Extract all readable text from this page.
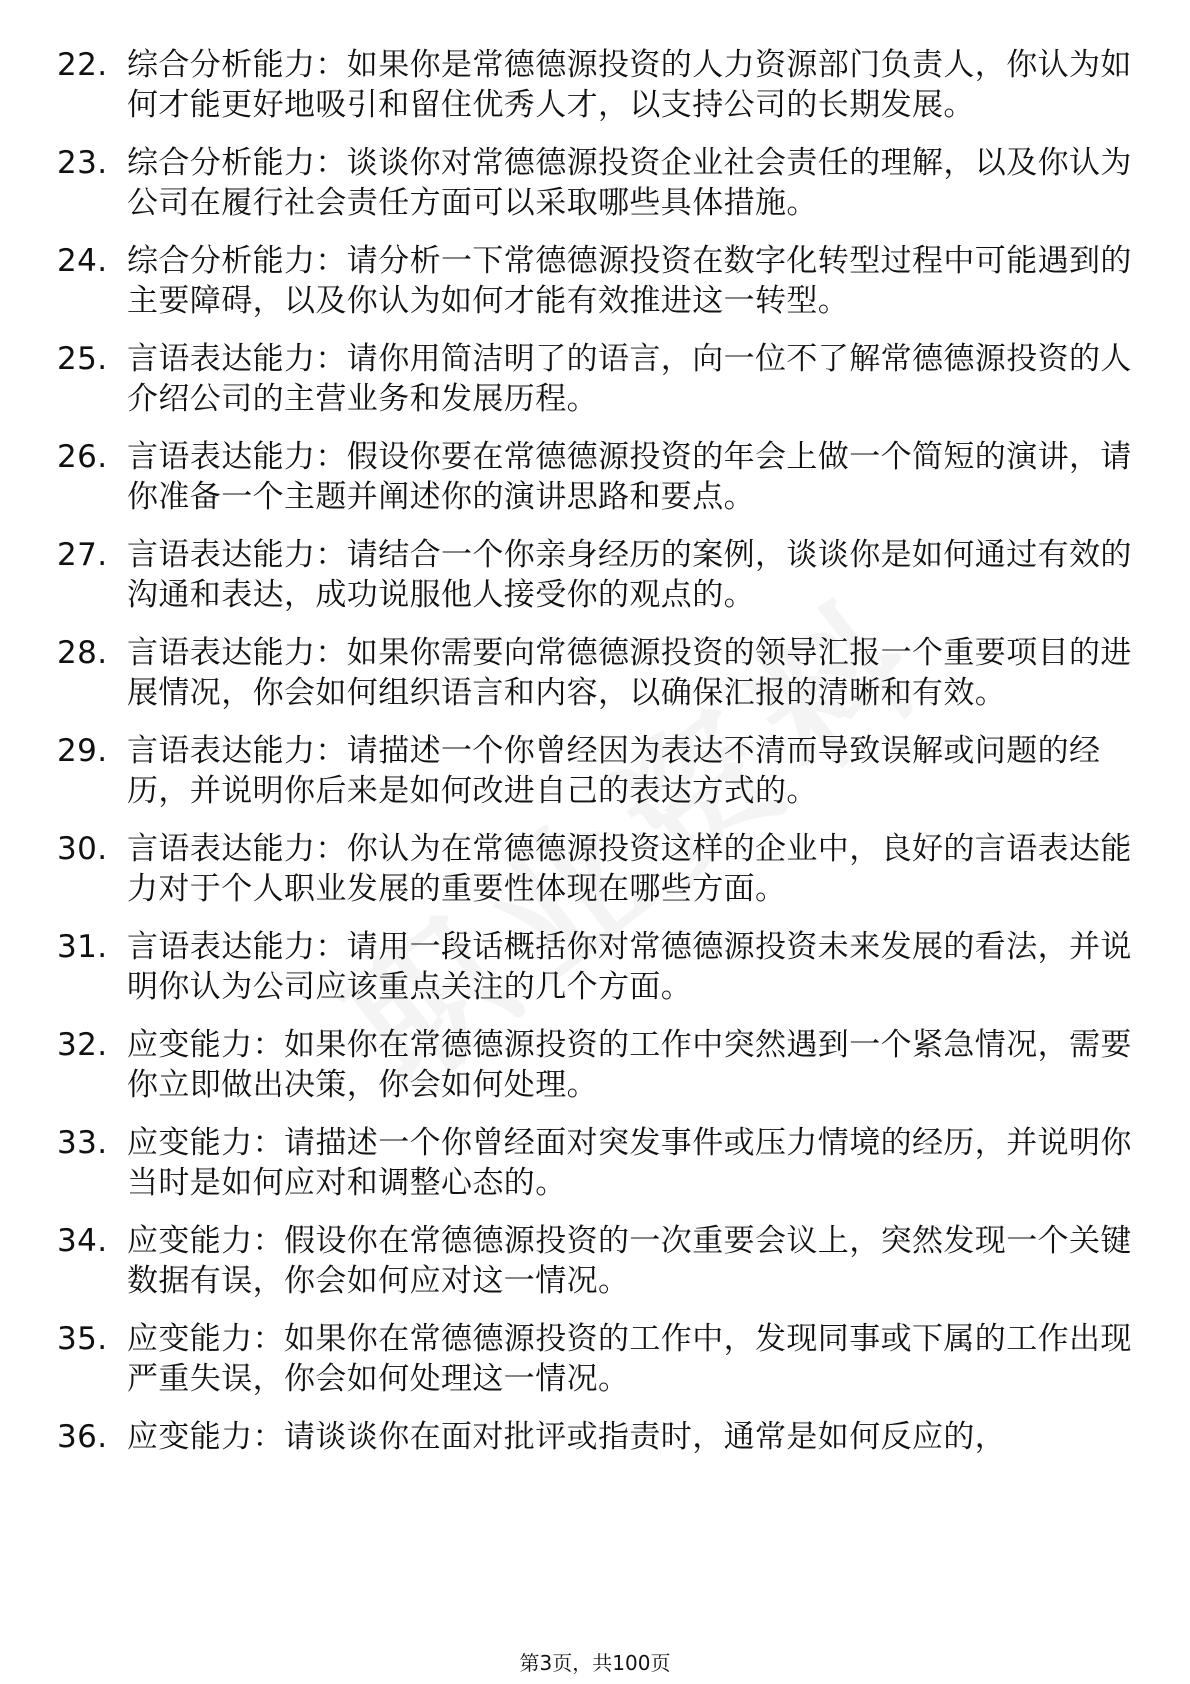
22. 综合分析能力：如果你是常德德源投资的人力资源部门负责人，你认为如何才能更好地吸引和留住优秀人才，以支持公司的长期发展。
23. 综合分析能力：谈谈你对常德德源投资企业社会责任的理解，以及你认为公司在履行社会责任方面可以采取哪些具体措施。
24. 综合分析能力：请分析一下常德德源投资在数字化转型过程中可能遇到的主要障碍，以及你认为如何才能有效推进这一转型。
25. 言语表达能力：请你用简洁明了的语言，向一位不了解常德德源投资的人介绍公司的主营业务和发展历程。
26. 言语表达能力：假设你要在常德德源投资的年会上做一个简短的演讲，请你准备一个主题并阐述你的演讲思路和要点。
27. 言语表达能力：请结合一个你亲身经历的案例，谈谈你是如何通过有效的沟通和表达，成功说服他人接受你的观点的。
28. 言语表达能力：如果你需要向常德德源投资的领导汇报一个重要项目的进展情况，你会如何组织语言和内容，以确保汇报的清晰和有效。
29. 言语表达能力：请描述一个你曾经因为表达不清而导致误解或问题的经历，并说明你后来是如何改进自己的表达方式的。
30. 言语表达能力：你认为在常德德源投资这样的企业中，良好的言语表达能力对于个人职业发展的重要性体现在哪些方面。
31. 言语表达能力：请用一段话概括你对常德德源投资未来发展的看法，并说明你认为公司应该重点关注的几个方面。
32. 应变能力：如果你在常德德源投资的工作中突然遇到一个紧急情况，需要你立即做出决策，你会如何处理。
33. 应变能力：请描述一个你曾经面对突发事件或压力情境的经历，并说明你当时是如何应对和调整心态的。
34. 应变能力：假设你在常德德源投资的一次重要会议上，突然发现一个关键数据有误，你会如何应对这一情况。
35. 应变能力：如果你在常德德源投资的工作中，发现同事或下属的工作出现严重失误，你会如何处理这一情况。
36. 应变能力：请谈谈你在面对批评或指责时，通常是如何反应的，
第3页，共100页
